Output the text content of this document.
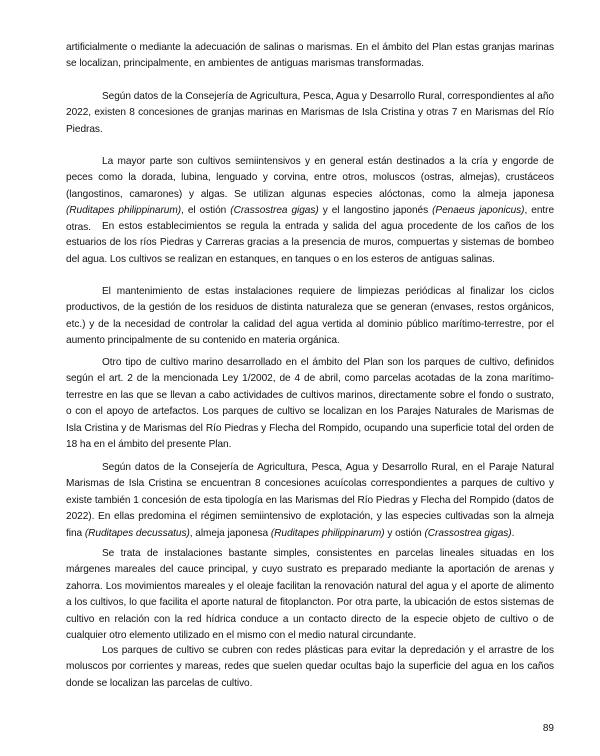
artificialmente o mediante la adecuación de salinas o marismas. En el ámbito del Plan estas granjas marinas se localizan, principalmente, en ambientes de antiguas marismas transformadas.

Según datos de la Consejería de Agricultura, Pesca, Agua y Desarrollo Rural, correspondientes al año 2022, existen 8 concesiones de granjas marinas en Marismas de Isla Cristina y otras 7 en Marismas del Río Piedras.

La mayor parte son cultivos semiintensivos y en general están destinados a la cría y engorde de peces como la dorada, lubina, lenguado y corvina, entre otros, moluscos (ostras, almejas), crustáceos (langostinos, camarones) y algas. Se utilizan algunas especies alóctonas, como la almeja japonesa (Ruditapes philippinarum), el ostión (Crassostrea gigas) y el langostino japonés (Penaeus japonicus), entre otras.	En estos establecimientos se regula la entrada y salida del agua procedente de los caños de los estuarios de los ríos Piedras y Carreras gracias a la presencia de muros, compuertas y sistemas de bombeo del agua. Los cultivos se realizan en estanques, en tanques o en los esteros de antiguas salinas.

El mantenimiento de estas instalaciones requiere de limpiezas periódicas al finalizar los ciclos productivos, de la gestión de los residuos de distinta naturaleza que se generan (envases, restos orgánicos, etc.) y de la necesidad de controlar la calidad del agua vertida al dominio público marítimo-terrestre, por el aumento principalmente de su contenido en materia orgánica.

Otro tipo de cultivo marino desarrollado en el ámbito del Plan son los parques de cultivo, definidos según el art. 2 de la mencionada Ley 1/2002, de 4 de abril, como parcelas acotadas de la zona marítimo-terrestre en las que se llevan a cabo actividades de cultivos marinos, directamente sobre el fondo o sustrato, o con el apoyo de artefactos. Los parques de cultivo se localizan en los Parajes Naturales de Marismas de Isla Cristina y de Marismas del Río Piedras y Flecha del Rompido, ocupando una superficie total del orden de 18 ha en el ámbito del presente Plan.

Según datos de la Consejería de Agricultura, Pesca, Agua y Desarrollo Rural, en el Paraje Natural Marismas de Isla Cristina se encuentran 8 concesiones acuícolas correspondientes a parques de cultivo y existe también 1 concesión de esta tipología en las Marismas del Río Piedras y Flecha del Rompido (datos de 2022). En ellas predomina el régimen semiintensivo de explotación, y las especies cultivadas son la almeja fina (Ruditapes decussatus), almeja japonesa (Ruditapes philippinarum) y ostión (Crassostrea gigas).

Se trata de instalaciones bastante simples, consistentes en parcelas lineales situadas en los márgenes mareales del cauce principal, y cuyo sustrato es preparado mediante la aportación de arenas y zahorra. Los movimientos mareales y el oleaje facilitan la renovación natural del agua y el aporte de alimento a los cultivos, lo que facilita el aporte natural de fitoplancton. Por otra parte, la ubicación de estos sistemas de cultivo en relación con la red hídrica conduce a un contacto directo de la especie objeto de cultivo o de cualquier otro elemento utilizado en el mismo con el medio natural circundante.

Los parques de cultivo se cubren con redes plásticas para evitar la depredación y el arrastre de los moluscos por corrientes y mareas, redes que suelen quedar ocultas bajo la superficie del agua en los caños donde se localizan las parcelas de cultivo.

89
